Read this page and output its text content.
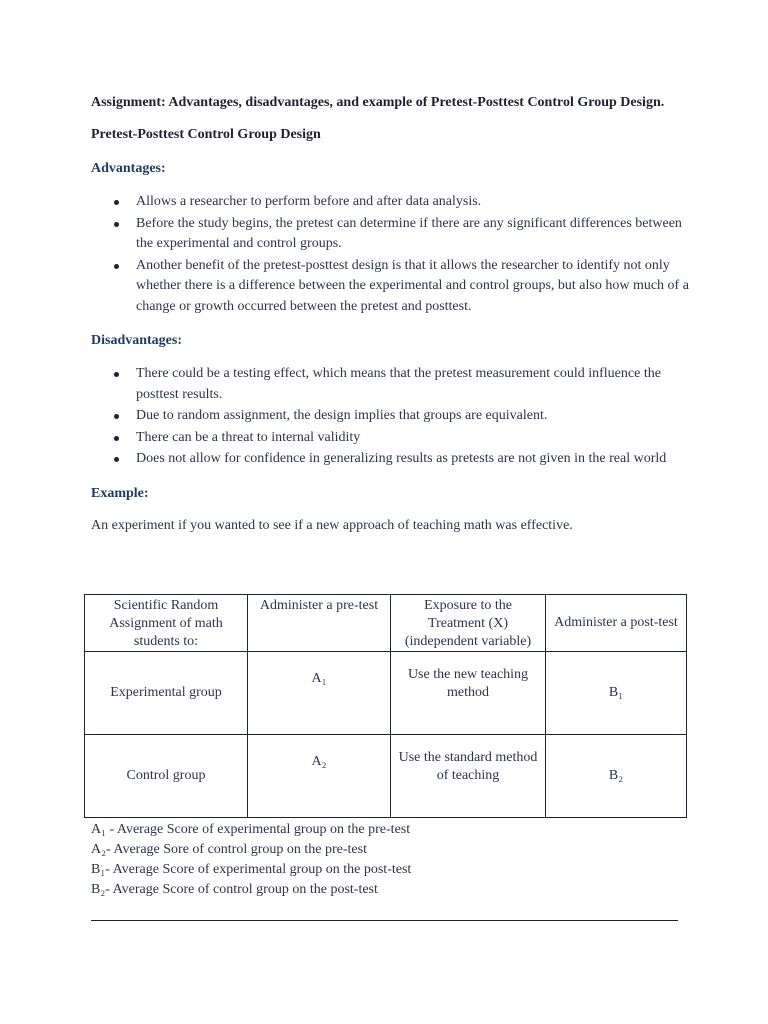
Assignment: Advantages, disadvantages, and example of Pretest-Posttest Control Group Design.

Pretest-Posttest Control Group Design

Advantages:

Allows a researcher to perform before and after data analysis.
Before the study begins, the pretest can determine if there are any significant differences between the experimental and control groups.
Another benefit of the pretest-posttest design is that it allows the researcher to identify not only whether there is a difference between the experimental and control groups, but also how much of a change or growth occurred between the pretest and posttest.

Disadvantages:

There could be a testing effect, which means that the pretest measurement could influence the posttest results.
Due to random assignment, the design implies that groups are equivalent.
There can be a threat to internal validity
Does not allow for confidence in generalizing results as pretests are not given in the real world

Example:

An experiment if you wanted to see if a new approach of teaching math was effective.

Scientific Random Assignment of math students to:	Administer a pre-test	Exposure to the Treatment (X) (independent variable)	Administer a post-test
Experimental group	A₁	Use the new teaching method	B₁
Control group	A₂	Use the standard method of teaching	B₂

A₁ - Average Score of experimental group on the pre-test

A₂- Average Sore of control group on the pre-test

B₁- Average Score of experimental group on the post-test

B₂- Average Score of control group on the post-test
